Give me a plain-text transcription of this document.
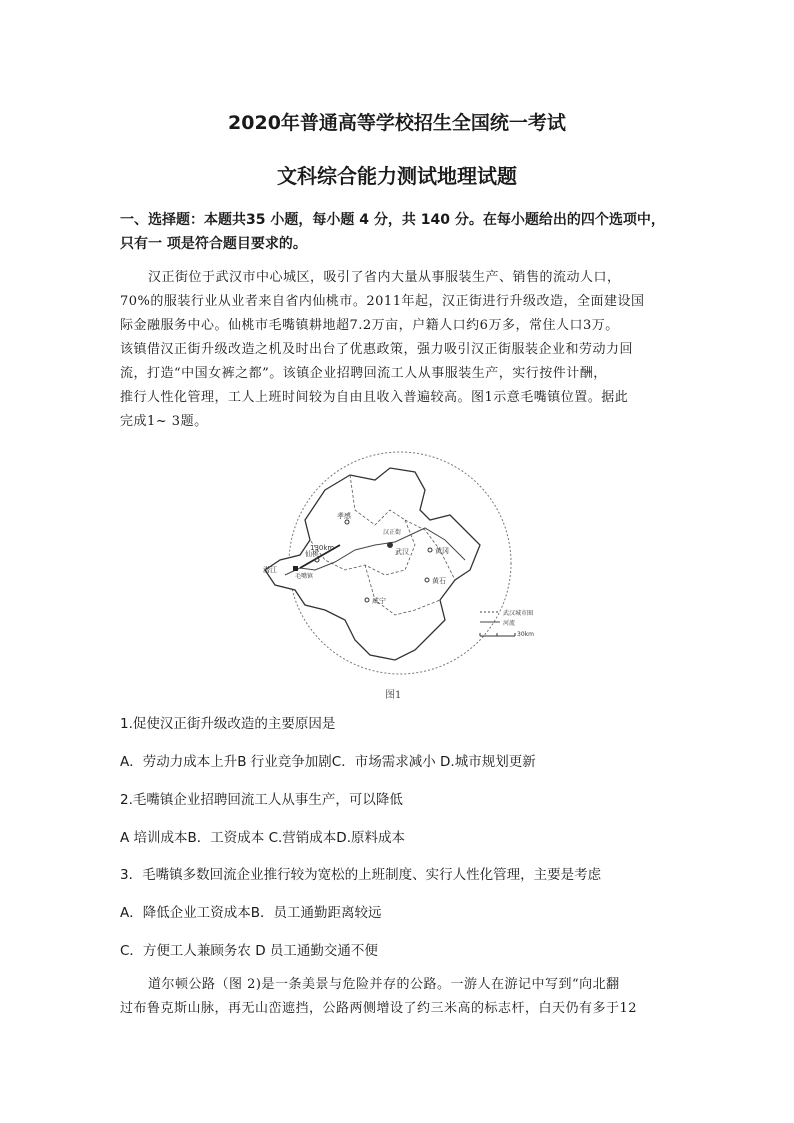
2020年普通高等学校招生全国统一考试
文科综合能力测试地理试题
一、选择题：本题共35 小题，每小题 4 分，共 140 分。在每小题给出的四个选项中，
只有一 项是符合题目要求的。

汉正街位于武汉市中心城区，吸引了省内大量从事服装生产、销售的流动人口，

70%的服装行业从业者来自省内仙桃市。2011年起，汉正街进行升级改造，全面建设国

际金融服务中心。仙桃市毛嘴镇耕地超7.2万亩，户籍人口约6万多，常住人口3万。

该镇借汉正街升级改造之机及时出台了优惠政策，强力吸引汉正街服装企业和劳动力回

流，打造“中国女裤之都”。该镇企业招聘回流工人从事服装生产，实行按件计酬，

推行人性化管理，工人上班时间较为自由且收入普遍较高。图1示意毛嘴镇位置。据此

完成1~ 3题。

130km
孝感
武汉
汉正街
黄冈
黄石
仙桃
毛嘴镇
潜江
咸宁
武汉城市圈
河流
30km
图1
1.促使汉正街升级改造的主要原因是
A．劳动力成本上升B 行业竞争加剧C．市场需求减小 D.城市规划更新
2.毛嘴镇企业招聘回流工人从事生产，可以降低
A 培训成本B．工资成本 C.营销成本D.原料成本
3．毛嘴镇多数回流企业推行较为宽松的上班制度、实行人性化管理，主要是考虑
A．降低企业工资成本B．员工通勤距离较远
C．方便工人兼顾务农 D 员工通勤交通不便

道尔顿公路（图 2)是一条美景与危险并存的公路。一游人在游记中写到“向北翻

过布鲁克斯山脉，再无山峦遮挡，公路两侧增设了约三米高的标志杆，白天仍有多于12
